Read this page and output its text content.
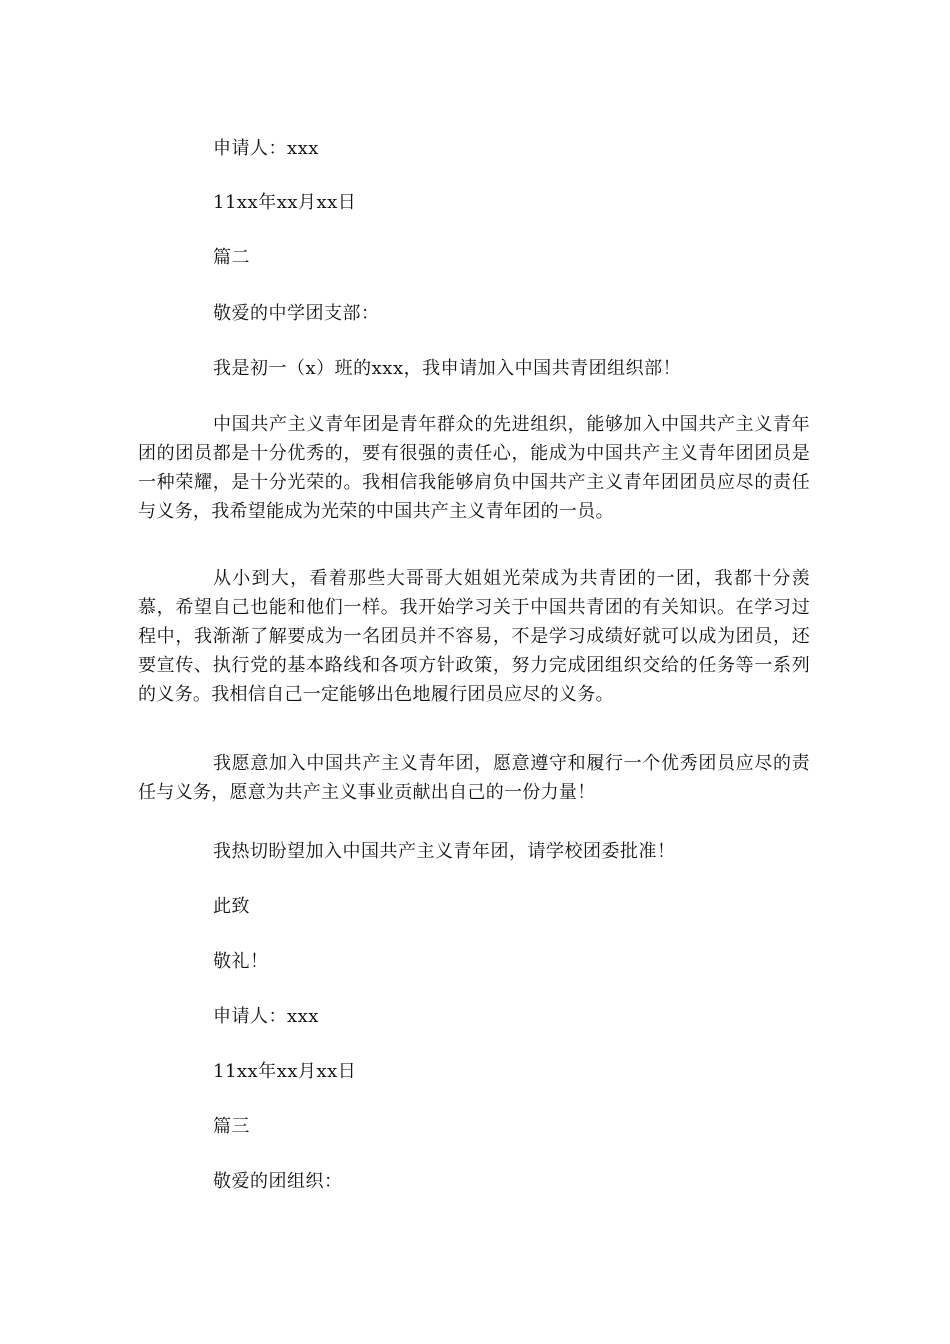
申请人：xxx
11xx年xx月xx日
篇二
敬爱的中学团支部：
我是初一（x）班的xxx，我申请加入中国共青团组织部！
中国共产主义青年团是青年群众的先进组织，能够加入中国共产主义青年团的团员都是十分优秀的，要有很强的责任心，能成为中国共产主义青年团团员是一种荣耀，是十分光荣的。我相信我能够肩负中国共产主义青年团团员应尽的责任与义务，我希望能成为光荣的中国共产主义青年团的一员。
从小到大，看着那些大哥哥大姐姐光荣成为共青团的一团，我都十分羡慕，希望自己也能和他们一样。我开始学习关于中国共青团的有关知识。在学习过程中，我渐渐了解要成为一名团员并不容易，不是学习成绩好就可以成为团员，还要宣传、执行党的基本路线和各项方针政策，努力完成团组织交给的任务等一系列的义务。我相信自己一定能够出色地履行团员应尽的义务。
我愿意加入中国共产主义青年团，愿意遵守和履行一个优秀团员应尽的责任与义务，愿意为共产主义事业贡献出自己的一份力量！
我热切盼望加入中国共产主义青年团，请学校团委批准！
此致
敬礼！
申请人：xxx
11xx年xx月xx日
篇三
敬爱的团组织：
